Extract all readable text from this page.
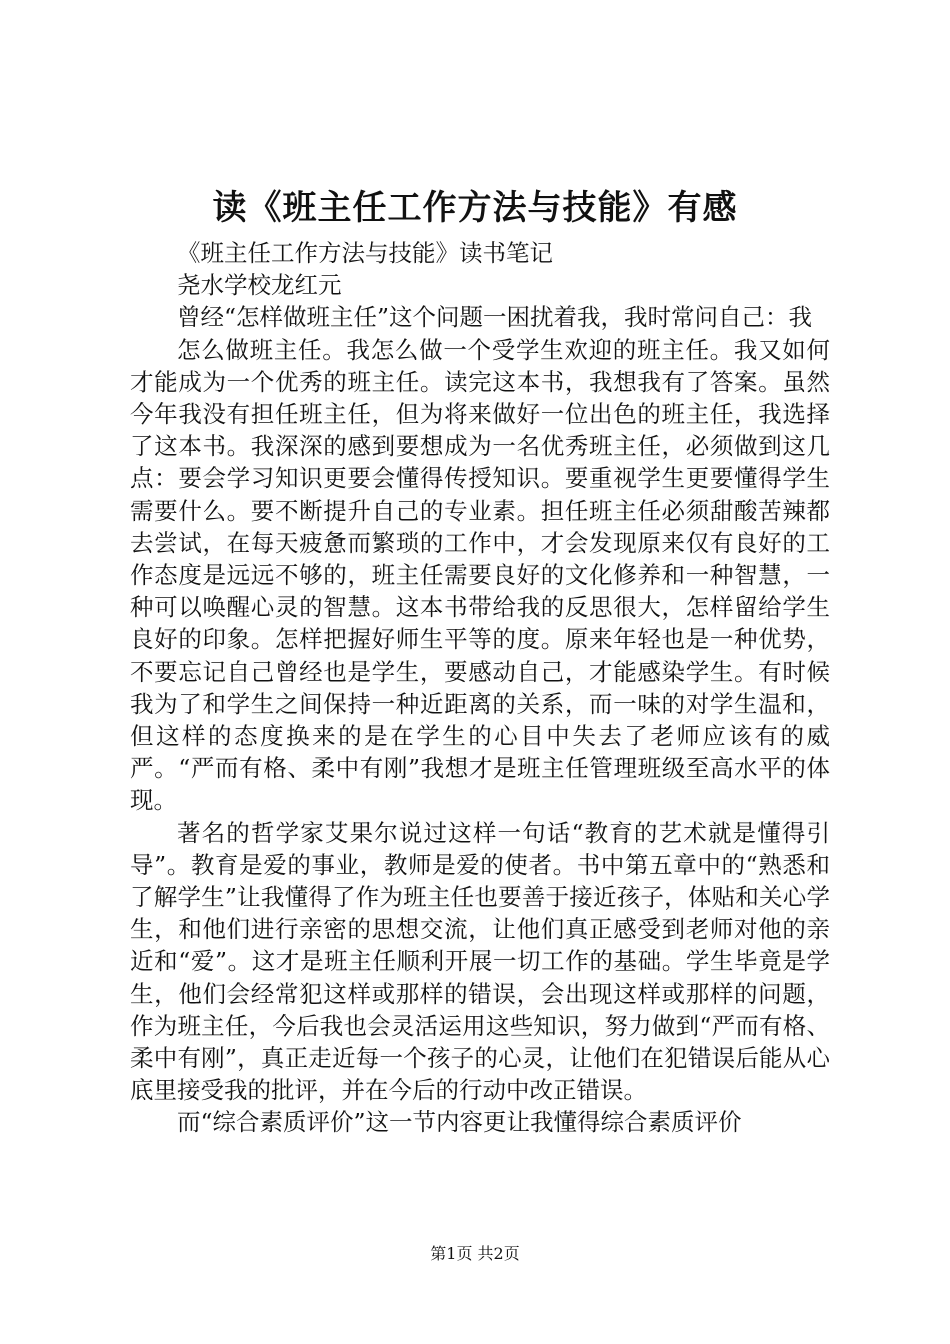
读《班主任工作方法与技能》有感

《班主任工作方法与技能》读书笔记

尧水学校龙红元

曾经“怎样做班主任”这个问题一困扰着我，我时常问自己：我

怎么做班主任。我怎么做一个受学生欢迎的班主任。我又如何才能成为一个优秀的班主任。读完这本书，我想我有了答案。虽然今年我没有担任班主任，但为将来做好一位出色的班主任，我选择了这本书。我深深的感到要想成为一名优秀班主任，必须做到这几点：要会学习知识更要会懂得传授知识。要重视学生更要懂得学生需要什么。要不断提升自己的专业素。担任班主任必须甜酸苦辣都去尝试，在每天疲惫而繁琐的工作中，才会发现原来仅有良好的工作态度是远远不够的，班主任需要良好的文化修养和一种智慧，一种可以唤醒心灵的智慧。这本书带给我的反思很大，怎样留给学生良好的印象。怎样把握好师生平等的度。原来年轻也是一种优势，不要忘记自己曾经也是学生，要感动自己，才能感染学生。有时候我为了和学生之间保持一种近距离的关系，而一味的对学生温和，但这样的态度换来的是在学生的心目中失去了老师应该有的威严。“严而有格、柔中有刚”我想才是班主任管理班级至高水平的体现。

著名的哲学家艾果尔说过这样一句话“教育的艺术就是懂得引导”。教育是爱的事业，教师是爱的使者。书中第五章中的“熟悉和了解学生”让我懂得了作为班主任也要善于接近孩子，体贴和关心学生，和他们进行亲密的思想交流，让他们真正感受到老师对他的亲近和“爱”。这才是班主任顺利开展一切工作的基础。学生毕竟是学生，他们会经常犯这样或那样的错误，会出现这样或那样的问题，作为班主任，今后我也会灵活运用这些知识，努力做到“严而有格、柔中有刚”，真正走近每一个孩子的心灵，让他们在犯错误后能从心底里接受我的批评，并在今后的行动中改正错误。

而“综合素质评价”这一节内容更让我懂得综合素质评价

第1页 共2页
